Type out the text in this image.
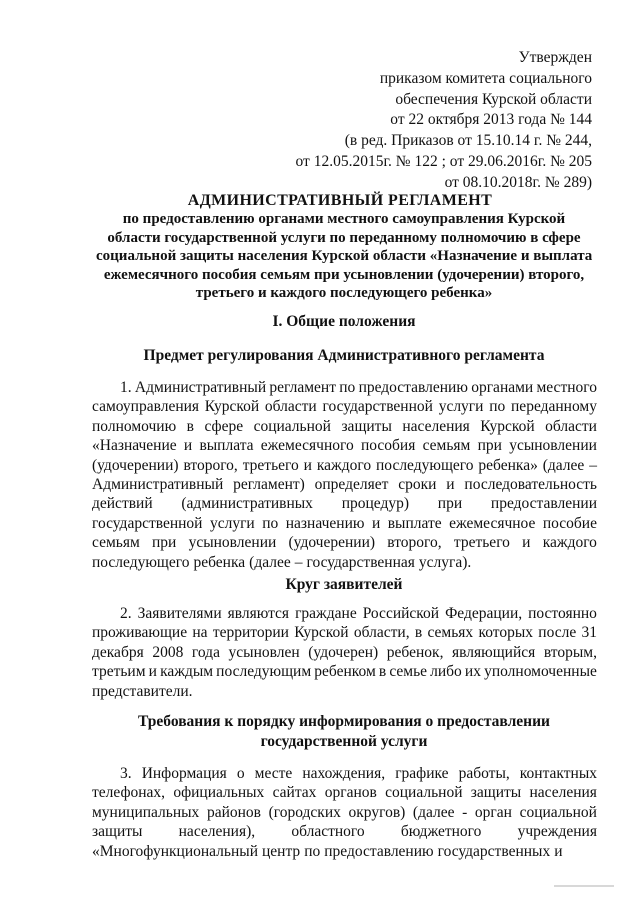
Утвержден
приказом комитета социального
обеспечения Курской области
от 22 октября 2013 года № 144
(в ред. Приказов от 15.10.14 г. № 244,
от 12.05.2015г. № 122 ; от 29.06.2016г. № 205
от 08.10.2018г. № 289)
АДМИНИСТРАТИВНЫЙ РЕГЛАМЕНТ
по предоставлению органами местного самоуправления Курской
области государственной услуги по переданному полномочию в сфере
социальной защиты населения Курской области «Назначение и выплата
ежемесячного пособия семьям при усыновлении (удочерении) второго,
третьего и каждого последующего ребенка»
I. Общие положения
Предмет регулирования Административного регламента
1. Административный регламент по предоставлению органами местного
самоуправления Курской области государственной услуги по переданному
полномочию в сфере социальной защиты населения Курской области
«Назначение и выплата ежемесячного пособия семьям при усыновлении
(удочерении) второго, третьего и каждого последующего ребенка» (далее –
Административный регламент) определяет сроки и последовательность
действий (административных процедур) при предоставлении
государственной услуги по назначению и выплате ежемесячное пособие
семьям при усыновлении (удочерении) второго, третьего и каждого
последующего ребенка (далее – государственная услуга).
Круг заявителей
2. Заявителями являются граждане Российской Федерации, постоянно
проживающие на территории Курской области, в семьях которых после 31
декабря 2008 года усыновлен (удочерен) ребенок, являющийся вторым,
третьим и каждым последующим ребенком в семье либо их уполномоченные
представители.
Требования к порядку информирования о предоставлении
государственной услуги
3. Информация о месте нахождения, графике работы, контактных
телефонах, официальных сайтах органов социальной защиты населения
муниципальных районов (городских округов) (далее - орган социальной
защиты населения), областного бюджетного учреждения
«Многофункциональный центр по предоставлению государственных и
